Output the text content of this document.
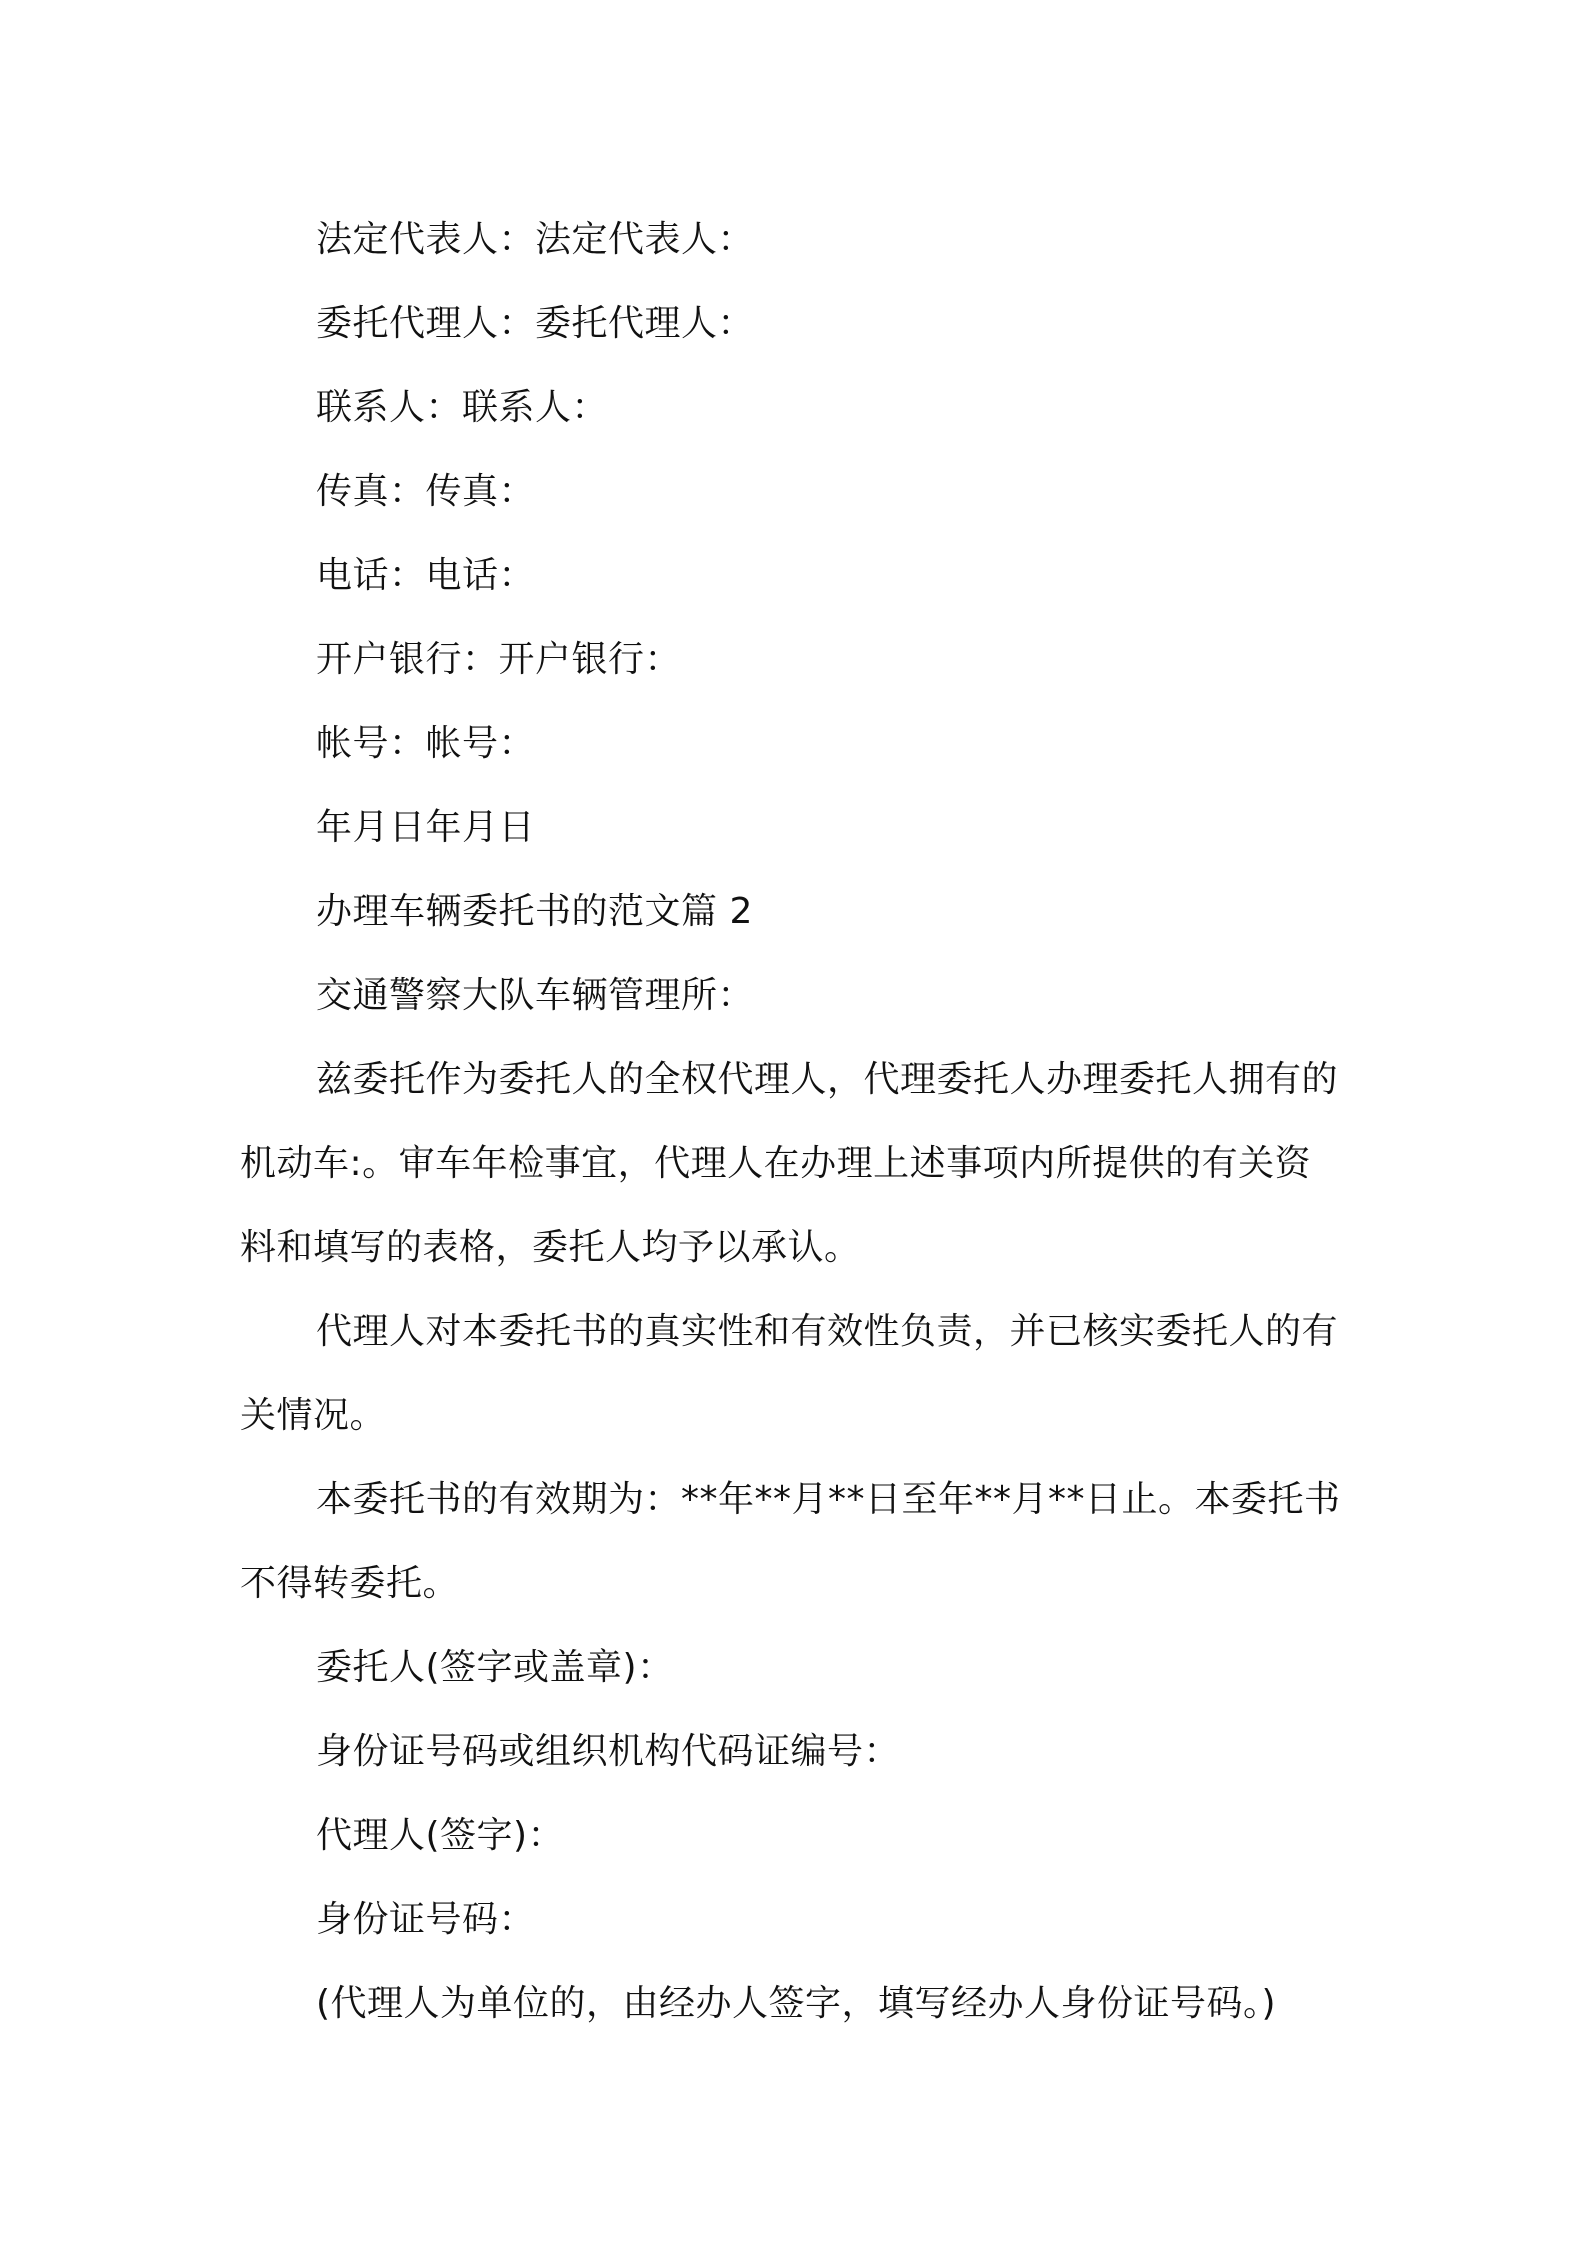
法定代表人：法定代表人：
委托代理人：委托代理人：
联系人：联系人：
传真：传真：
电话：电话：
开户银行：开户银行：
帐号：帐号：
年月日年月日
办理车辆委托书的范文篇 2
交通警察大队车辆管理所：
兹委托作为委托人的全权代理人，代理委托人办理委托人拥有的
机动车:。审车年检事宜，代理人在办理上述事项内所提供的有关资
料和填写的表格，委托人均予以承认。
代理人对本委托书的真实性和有效性负责，并已核实委托人的有
关情况。
本委托书的有效期为：**年**月**日至年**月**日止。本委托书
不得转委托。
委托人(签字或盖章)：
身份证号码或组织机构代码证编号：
代理人(签字)：
身份证号码：
(代理人为单位的，由经办人签字，填写经办人身份证号码。)
